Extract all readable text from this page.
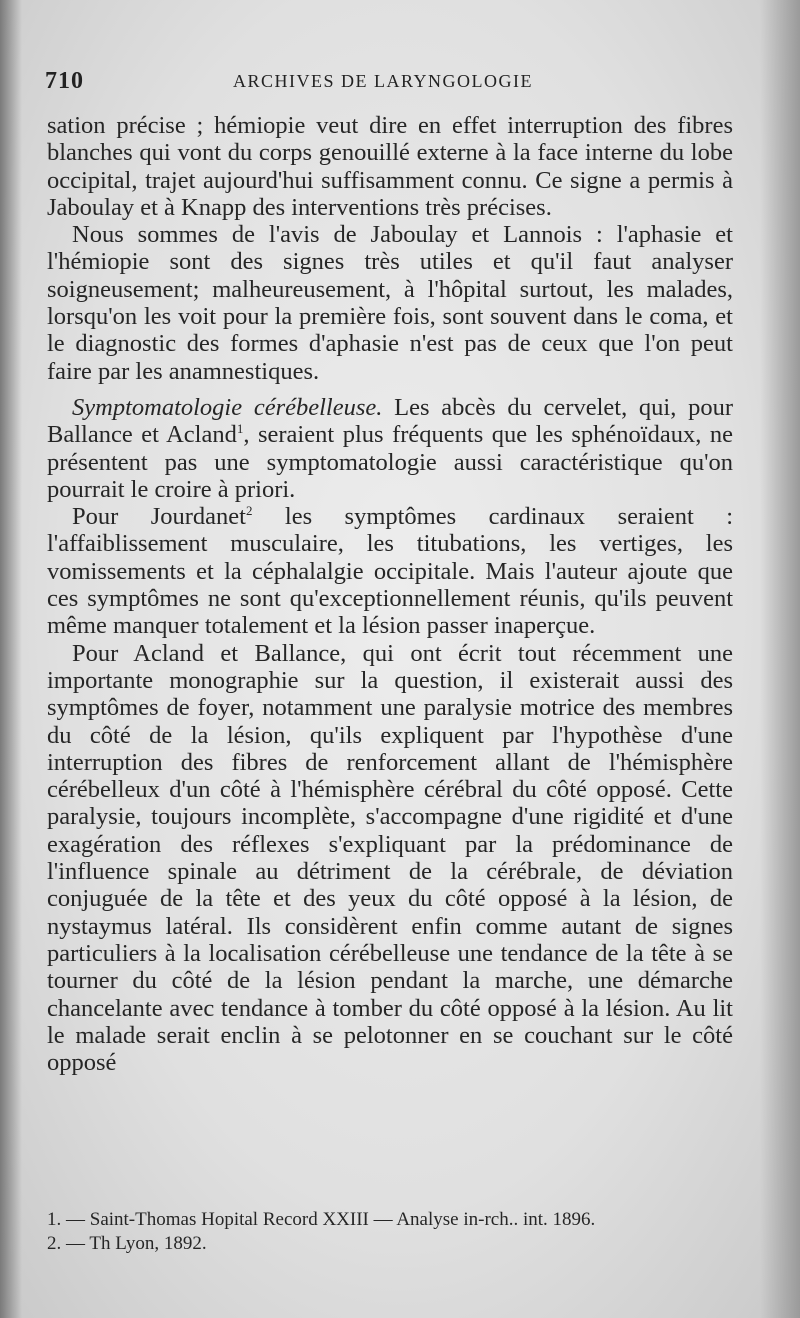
710	ARCHIVES DE LARYNGOLOGIE

sation précise ; hémiopie veut dire en effet interruption des fibres blanches qui vont du corps genouillé externe à la face interne du lobe occipital, trajet aujourd'hui suffisamment connu. Ce signe a permis à Jaboulay et à Knapp des interventions très précises.

Nous sommes de l'avis de Jaboulay et Lannois : l'aphasie et l'hémiopie sont des signes très utiles et qu'il faut analyser soigneusement; malheureusement, à l'hôpital surtout, les malades, lorsqu'on les voit pour la première fois, sont souvent dans le coma, et le diagnostic des formes d'aphasie n'est pas de ceux que l'on peut faire par les anamnestiques.

Symptomatologie cérébelleuse. Les abcès du cervelet, qui, pour Ballance et Acland$^1$, seraient plus fréquents que les sphénoïdaux, ne présentent pas une symptomatologie aussi caractéristique qu'on pourrait le croire à priori.

Pour Jourdanet$^2$ les symptômes cardinaux seraient : l'affaiblissement musculaire, les titubations, les vertiges, les vomissements et la céphalalgie occipitale. Mais l'auteur ajoute que ces symptômes ne sont qu'exceptionnellement réunis, qu'ils peuvent même manquer totalement et la lésion passer inaperçue.

Pour Acland et Ballance, qui ont écrit tout récemment une importante monographie sur la question, il existerait aussi des symptômes de foyer, notamment une paralysie motrice des membres du côté de la lésion, qu'ils expliquent par l'hypothèse d'une interruption des fibres de renforcement allant de l'hémisphère cérébelleux d'un côté à l'hémisphère cérébral du côté opposé. Cette paralysie, toujours incomplète, s'accompagne d'une rigidité et d'une exagération des réflexes s'expliquant par la prédominance de l'influence spinale au détriment de la cérébrale, de déviation conjuguée de la tête et des yeux du côté opposé à la lésion, de nystaymus latéral. Ils considèrent enfin comme autant de signes particuliers à la localisation cérébelleuse une tendance de la tête à se tourner du côté de la lésion pendant la marche, une démarche chancelante avec tendance à tomber du côté opposé à la lésion. Au lit le malade serait enclin à se pelotonner en se couchant sur le côté opposé

1. — Saint-Thomas Hopital Record XXIII — Analyse in-rch.. int. 1896.

2. — Th Lyon, 1892.
